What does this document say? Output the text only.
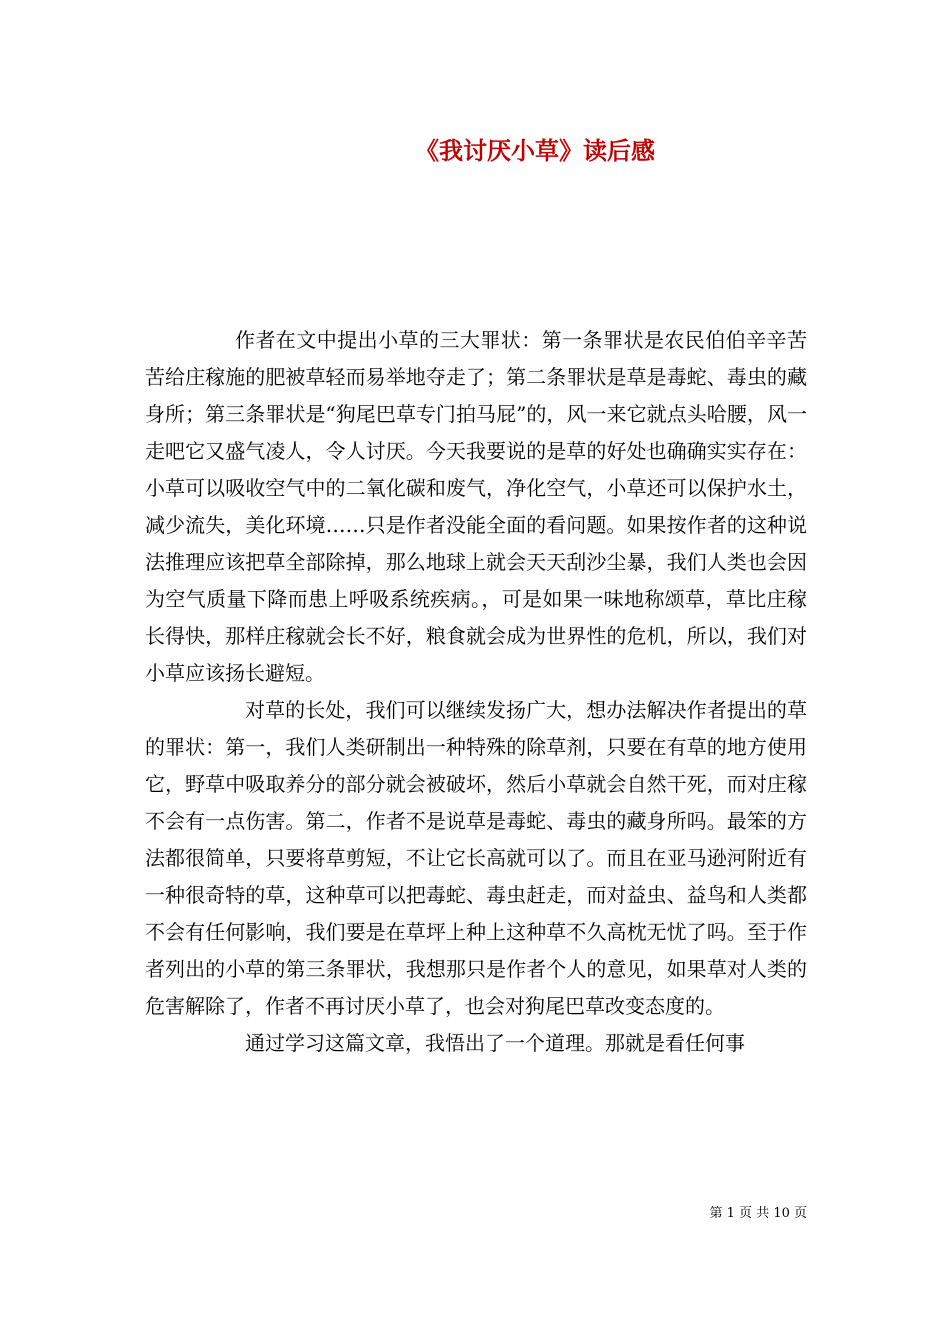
《我讨厌小草》读后感

作者在文中提出小草的三大罪状：第一条罪状是农民伯伯辛辛苦苦给庄稼施的肥被草轻而易举地夺走了；第二条罪状是草是毒蛇、毒虫的藏身所；第三条罪状是“狗尾巴草专门拍马屁”的，风一来它就点头哈腰，风一走吧它又盛气凌人，令人讨厌。今天我要说的是草的好处也确确实实存在：小草可以吸收空气中的二氧化碳和废气，净化空气，小草还可以保护水土，减少流失，美化环境……只是作者没能全面的看问题。如果按作者的这种说法推理应该把草全部除掉，那么地球上就会天天刮沙尘暴，我们人类也会因为空气质量下降而患上呼吸系统疾病。，可是如果一味地称颂草，草比庄稼长得快，那样庄稼就会长不好，粮食就会成为世界性的危机，所以，我们对小草应该扬长避短。

对草的长处，我们可以继续发扬广大，想办法解决作者提出的草的罪状：第一，我们人类研制出一种特殊的除草剂，只要在有草的地方使用它，野草中吸取养分的部分就会被破坏，然后小草就会自然干死，而对庄稼不会有一点伤害。第二，作者不是说草是毒蛇、毒虫的藏身所吗。最笨的方法都很简单，只要将草剪短，不让它长高就可以了。而且在亚马逊河附近有一种很奇特的草，这种草可以把毒蛇、毒虫赶走，而对益虫、益鸟和人类都不会有任何影响，我们要是在草坪上种上这种草不久高枕无忧了吗。至于作者列出的小草的第三条罪状，我想那只是作者个人的意见，如果草对人类的危害解除了，作者不再讨厌小草了，也会对狗尾巴草改变态度的。

通过学习这篇文章，我悟出了一个道理。那就是看任何事

第 1 页 共 10 页
